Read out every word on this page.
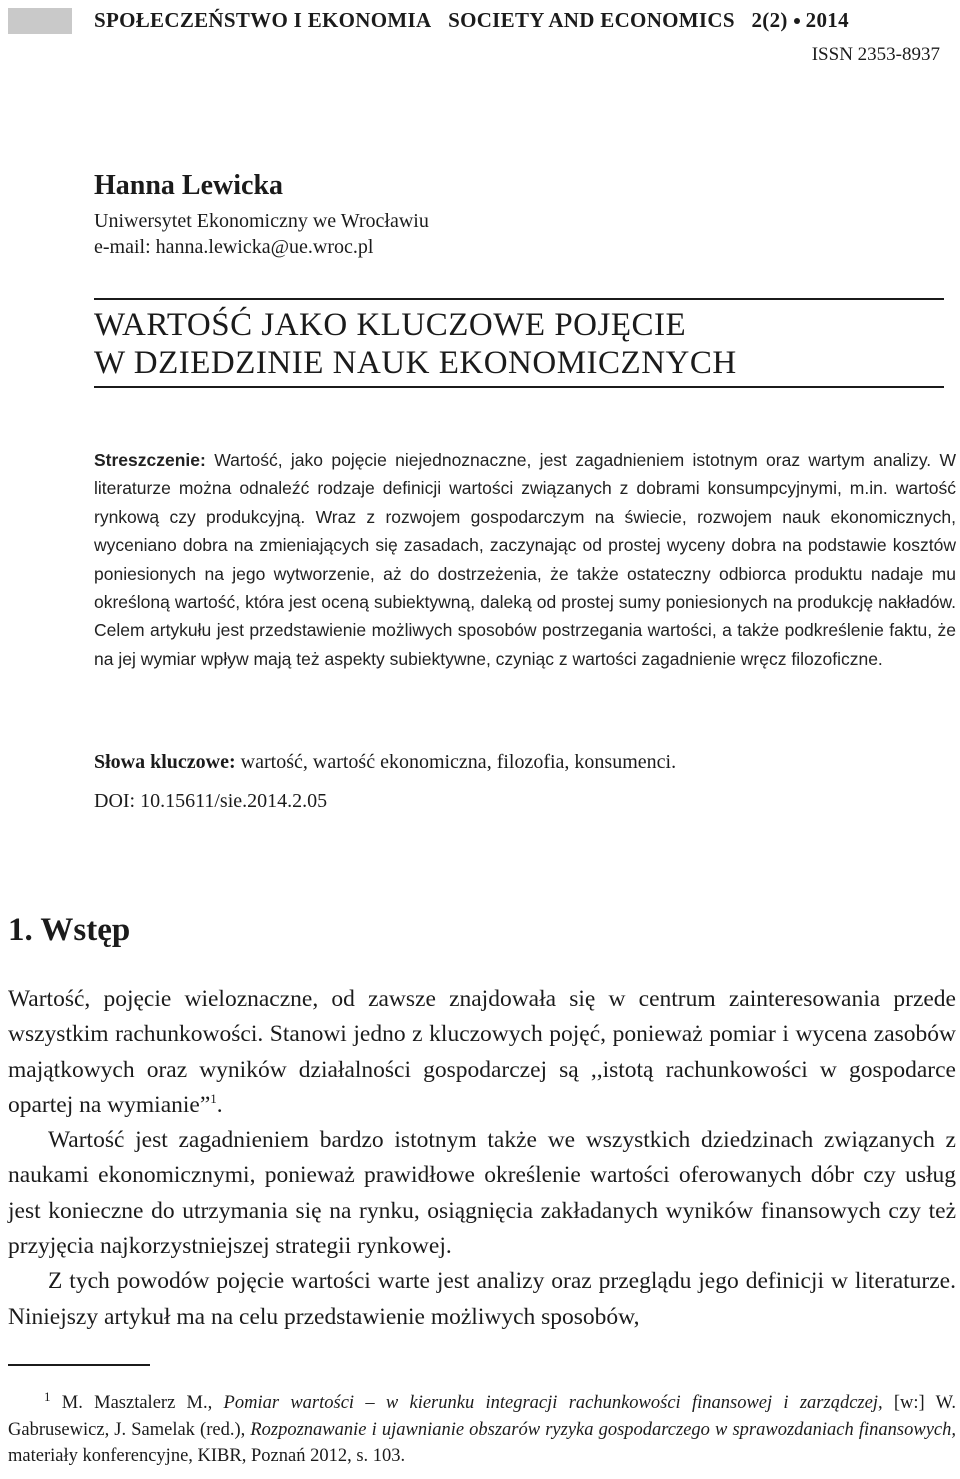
SPOŁECZEŃSTWO I EKONOMIA SOCIETY AND ECONOMICS 2(2) 2014
ISSN 2353-8937
Hanna Lewicka
Uniwersytet Ekonomiczny we Wrocławiu
e-mail: hanna.lewicka@ue.wroc.pl
WARTOŚĆ JAKO KLUCZOWE POJĘCIE
W DZIEDZINIE NAUK EKONOMICZNYCH
Streszczenie: Wartość, jako pojęcie niejednoznaczne, jest zagadnieniem istotnym oraz wartym analizy. W literaturze można odnaleźć rodzaje definicji wartości związanych z dobrami konsumpcyjnymi, m.in. wartość rynkową czy produkcyjną. Wraz z rozwojem gospodarczym na świecie, rozwojem nauk ekonomicznych, wyceniano dobra na zmieniających się zasadach, zaczynając od prostej wyceny dobra na podstawie kosztów poniesionych na jego wytworzenie, aż do dostrzeżenia, że także ostateczny odbiorca produktu nadaje mu określoną wartość, która jest oceną subiektywną, daleką od prostej sumy poniesionych na produkcję nakładów. Celem artykułu jest przedstawienie możliwych sposobów postrzegania wartości, a także podkreślenie faktu, że na jej wymiar wpływ mają też aspekty subiektywne, czyniąc z wartości zagadnienie wręcz filozoficzne.
Słowa kluczowe: wartość, wartość ekonomiczna, filozofia, konsumenci.
DOI: 10.15611/sie.2014.2.05
1. Wstęp

Wartość, pojęcie wieloznaczne, od zawsze znajdowała się w centrum zainteresowania przede wszystkim rachunkowości. Stanowi jedno z kluczowych pojęć, ponieważ pomiar i wycena zasobów majątkowych oraz wyników działalności gospodarczej są ,,istotą rachunkowości w gospodarce opartej na wymianie”$^1$.

Wartość jest zagadnieniem bardzo istotnym także we wszystkich dziedzinach związanych z naukami ekonomicznymi, ponieważ prawidłowe określenie wartości oferowanych dóbr czy usług jest konieczne do utrzymania się na rynku, osiągnięcia zakładanych wyników finansowych czy też przyjęcia najkorzystniejszej strategii rynkowej.

Z tych powodów pojęcie wartości warte jest analizy oraz przeglądu jego definicji w literaturze. Niniejszy artykuł ma na celu przedstawienie możliwych sposobów,

$^1$ M. Masztalerz M., Pomiar wartości – w kierunku integracji rachunkowości finansowej i zarządczej, [w:] W. Gabrusewicz, J. Samelak (red.), Rozpoznawanie i ujawnianie obszarów ryzyka gospodarczego w sprawozdaniach finansowych, materiały konferencyjne, KIBR, Poznań 2012, s. 103.
